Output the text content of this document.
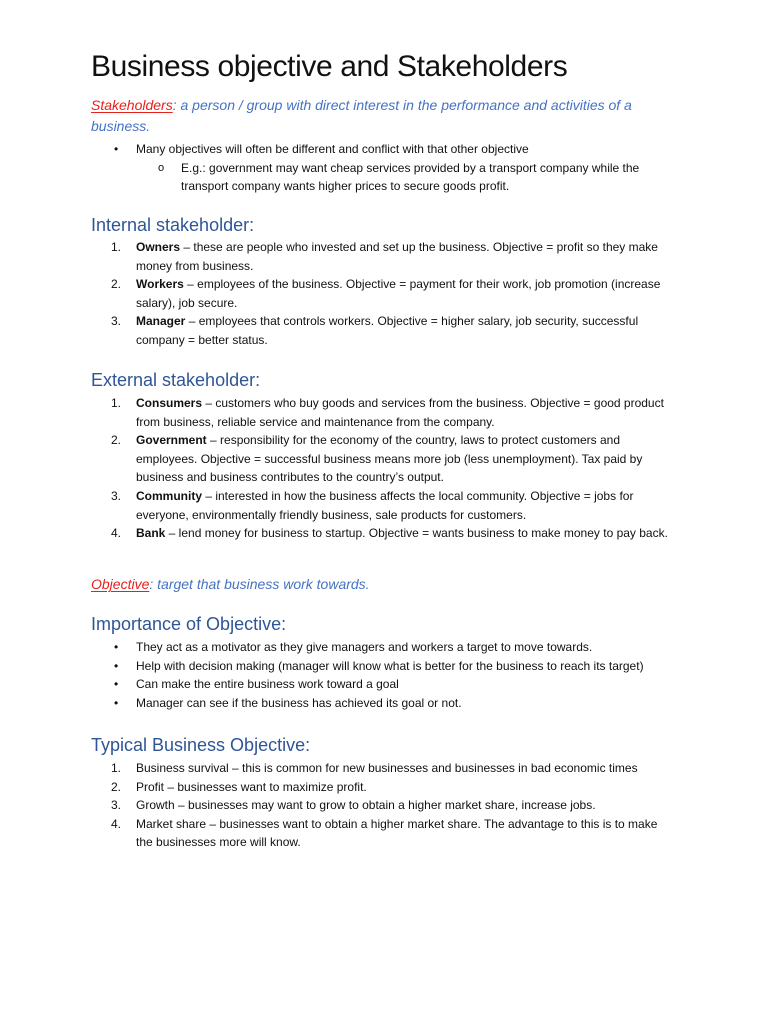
Business objective and Stakeholders

Stakeholders: a person / group with direct interest in the performance and activities of a business.

• Many objectives will often be different and conflict with that other objective
o E.g.: government may want cheap services provided by a transport company while the transport company wants higher prices to secure goods profit.
Internal stakeholder:
1.	Owners – these are people who invested and set up the business. Objective = profit so they make money from business.
2.	Workers – employees of the business. Objective = payment for their work, job promotion (increase salary), job secure.
3.	Manager – employees that controls workers. Objective = higher salary, job security, successful company = better status.
External stakeholder:
1.	Consumers – customers who buy goods and services from the business. Objective = good product from business, reliable service and maintenance from the company.
2.	Government – responsibility for the economy of the country, laws to protect customers and employees. Objective = successful business means more job (less unemployment). Tax paid by business and business contributes to the country’s output.
3.	Community – interested in how the business affects the local community. Objective = jobs for everyone, environmentally friendly business, sale products for customers.
4.	Bank – lend money for business to startup. Objective = wants business to make money to pay back.

Objective: target that business work towards.

Importance of Objective:
• They act as a motivator as they give managers and workers a target to move towards.
• Help with decision making (manager will know what is better for the business to reach its target)
• Can make the entire business work toward a goal
• Manager can see if the business has achieved its goal or not.
Typical Business Objective:
1.	Business survival – this is common for new businesses and businesses in bad economic times
2.	Profit – businesses want to maximize profit.
3.	Growth – businesses may want to grow to obtain a higher market share, increase jobs.
4.	Market share – businesses want to obtain a higher market share. The advantage to this is to make the businesses more will know.
